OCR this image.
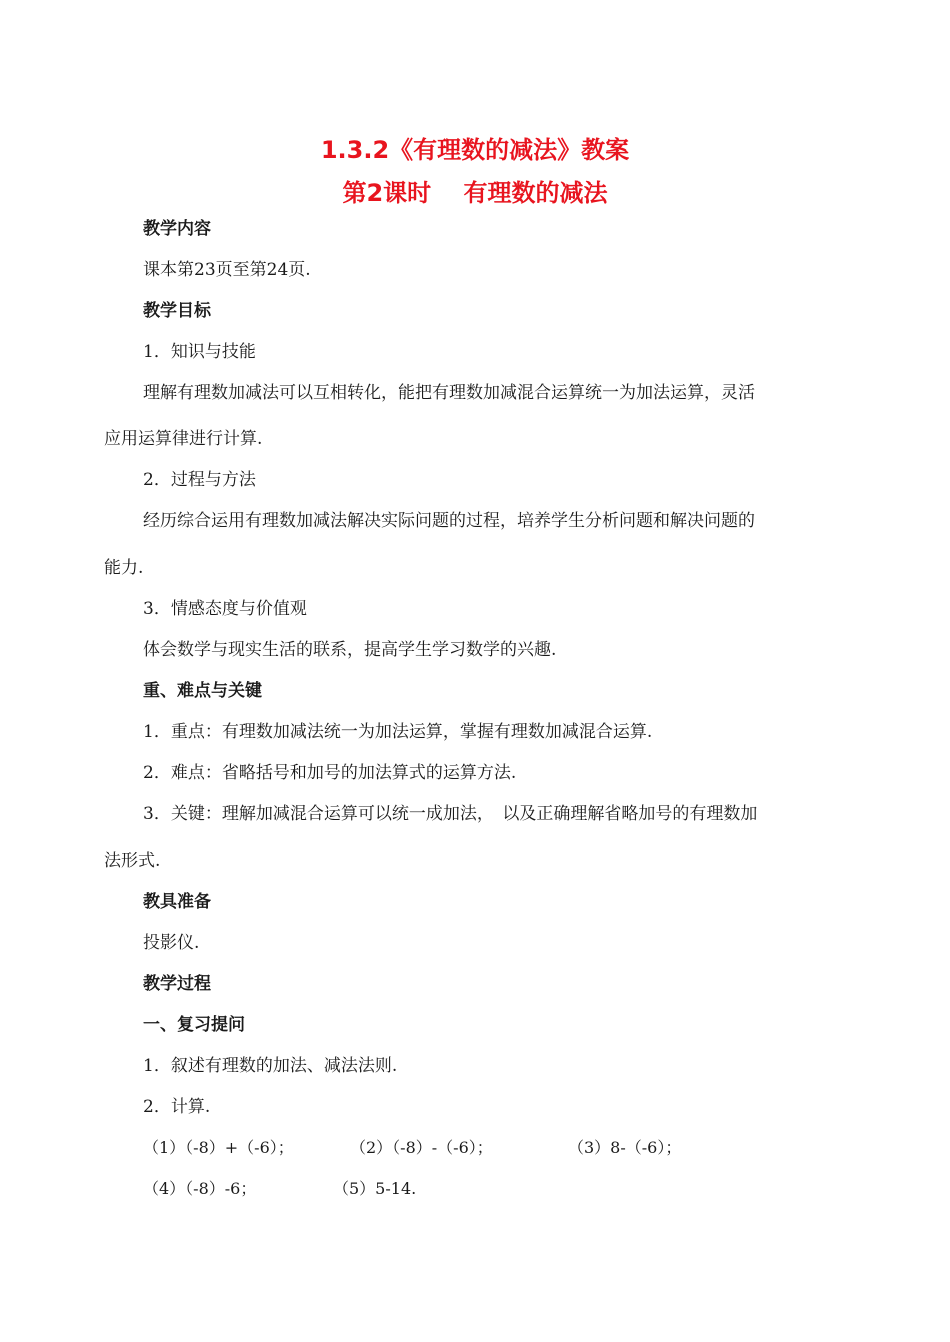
1.3.2《有理数的减法》教案
第2课时　 有理数的减法
教学内容
课本第23页至第24页.
教学目标
1．知识与技能
理解有理数加减法可以互相转化，能把有理数加减混合运算统一为加法运算，灵活
应用运算律进行计算.
2．过程与方法
经历综合运用有理数加减法解决实际问题的过程，培养学生分析问题和解决问题的
能力.
3．情感态度与价值观
体会数学与现实生活的联系，提高学生学习数学的兴趣.
重、难点与关键
1．重点：有理数加减法统一为加法运算，掌握有理数加减混合运算.
2．难点：省略括号和加号的加法算式的运算方法.
3．关键：理解加减混合运算可以统一成加法，　以及正确理解省略加号的有理数加
法形式.
教具准备
投影仪.
教学过程
一、复习提问
1．叙述有理数的加法、减法法则.
2．计算.
（1）（-8）+（-6）；	（2）（-8）-（-6）；	（3）8-（-6）；
（4）（-8）-6；	（5）5-14.
